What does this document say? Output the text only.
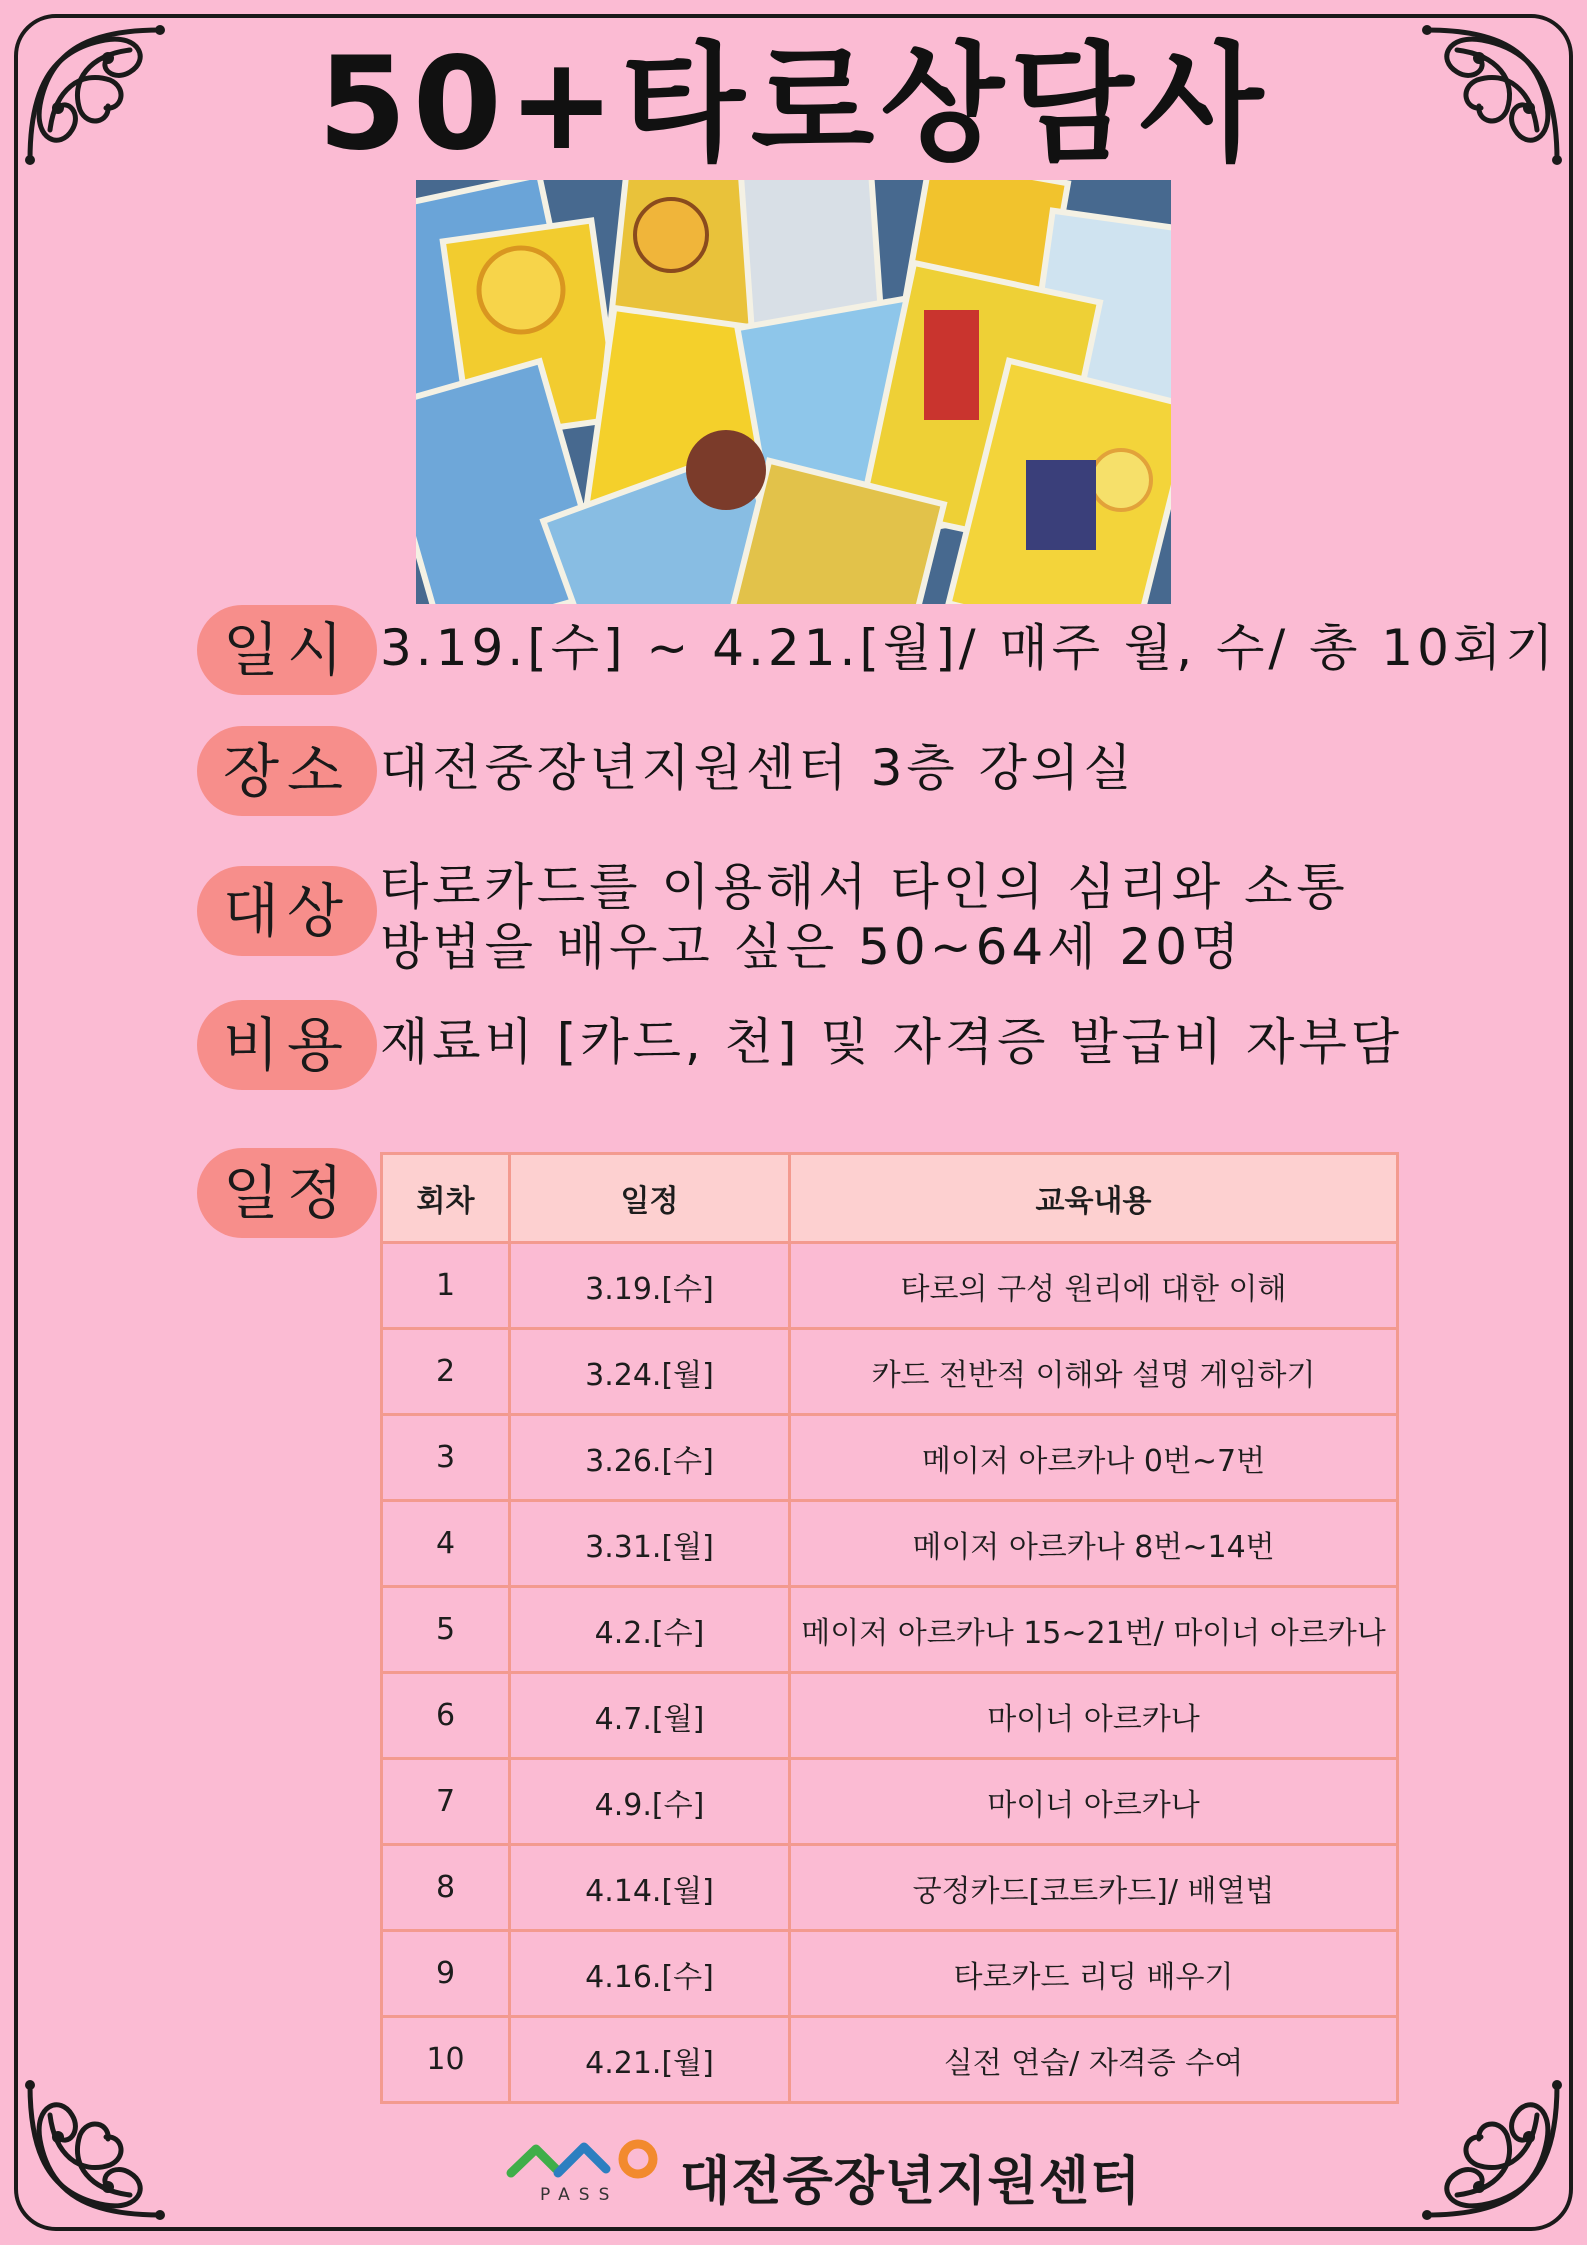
50+타로상담사
일시 3.19.[수] ~ 4.21.[월]/ 매주 월, 수/ 총 10회기
장소 대전중장년지원센터 3층 강의실
대상 타로카드를 이용해서 타인의 심리와 소통
방법을 배우고 싶은 50~64세 20명
비용 재료비 [카드, 천] 및 자격증 발급비 자부담
일정	회차	일정	교육내용
1	3.19.[수]	타로의 구성 원리에 대한 이해
2	3.24.[월]	카드 전반적 이해와 설명 게임하기
3	3.26.[수]	메이저 아르카나 0번~7번
4	3.31.[월]	메이저 아르카나 8번~14번
5	4.2.[수]	메이저 아르카나 15~21번/ 마이너 아르카나
6	4.7.[월]	마이너 아르카나
7	4.9.[수]	마이너 아르카나
8	4.14.[월]	궁정카드[코트카드]/ 배열법
9	4.16.[수]	타로카드 리딩 배우기
10	4.21.[월]	실전 연습/ 자격증 수여
PASS 대전중장년지원센터
